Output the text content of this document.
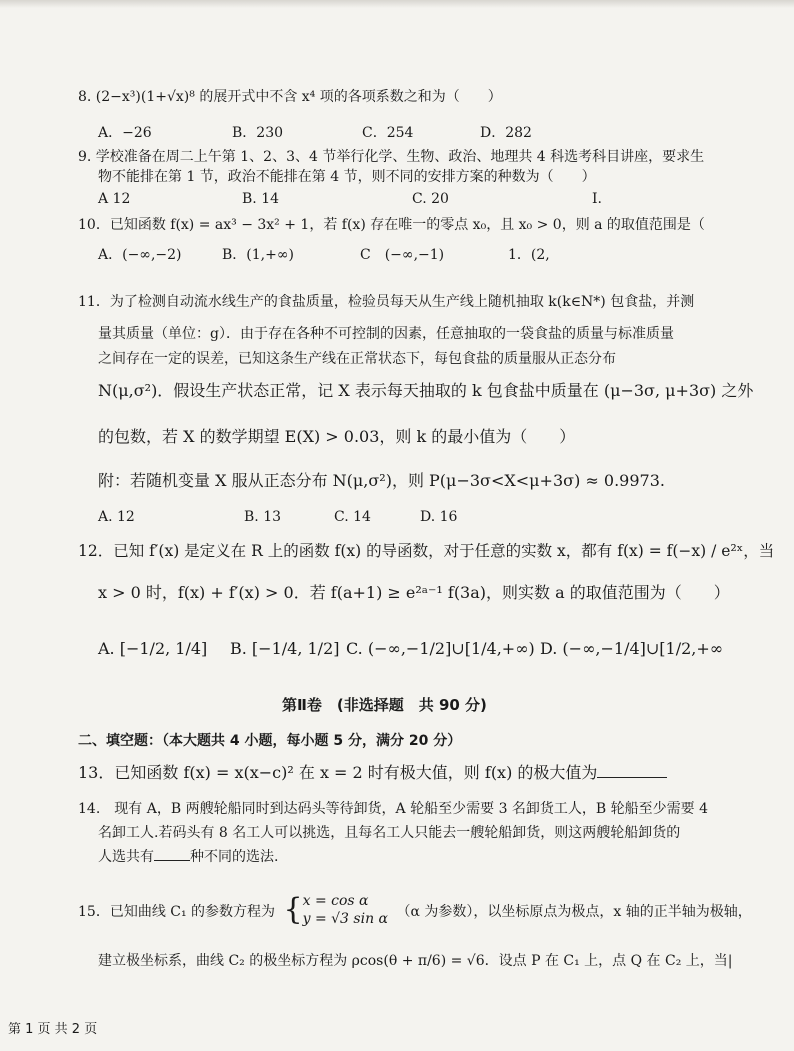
8. (2−x³)(1+√x)⁸ 的展开式中不含 x⁴ 项的各项系数之和为（　　）
A．−26	B．230	C．254	D．282
9. 学校准备在周二上午第 1、2、3、4 节举行化学、生物、政治、地理共 4 科选考科目讲座，要求生
物不能排在第 1 节，政治不能排在第 4 节，则不同的安排方案的种数为（　　）
A 12	B. 14	C. 20	I.
10．已知函数 f(x) = ax³ − 3x² + 1，若 f(x) 存在唯一的零点 x₀，且 x₀ > 0，则 a 的取值范围是（
A．(−∞,−2)	B．(1,+∞)	C　(−∞,−1)	1．(2,
11．为了检测自动流水线生产的食盐质量，检验员每天从生产线上随机抽取 k(k∈N*) 包食盐，并测
量其质量（单位：g）．由于存在各种不可控制的因素，任意抽取的一袋食盐的质量与标准质量
之间存在一定的误差，已知这条生产线在正常状态下，每包食盐的质量服从正态分布
N(μ,σ²)．假设生产状态正常，记 X 表示每天抽取的 k 包食盐中质量在 (μ−3σ, μ+3σ) 之外
的包数，若 X 的数学期望 E(X) > 0.03，则 k 的最小值为（　　）
附：若随机变量 X 服从正态分布 N(μ,σ²)，则 P(μ−3σ<X<μ+3σ) ≈ 0.9973.
A. 12	B. 13	C. 14	D. 16
12．已知 f′(x) 是定义在 R 上的函数 f(x) 的导函数，对于任意的实数 x，都有 f(x) = f(−x) / e²ˣ，当
x > 0 时，f(x) + f′(x) > 0．若 f(a+1) ≥ e²ᵃ⁻¹ f(3a)，则实数 a 的取值范围为（　　）
A. [−1/2, 1/4] B. [−1/4, 1/2] C. (−∞,−1/2]∪[1/4,+∞) D. (−∞,−1/4]∪[1/2,+∞
第Ⅱ卷　(非选择题　共 90 分)
二、填空题：（本大题共 4 小题，每小题 5 分，满分 20 分）
13．已知函数 f(x) = x(x−c)² 在 x = 2 时有极大值，则 f(x) 的极大值为
14.　现有 A，B 两艘轮船同时到达码头等待卸货，A 轮船至少需要 3 名卸货工人，B 轮船至少需要 4
名卸工人.若码头有 8 名工人可以挑选，且每名工人只能去一艘轮船卸货，则这两艘轮船卸货的
人选共有	种不同的选法.
15．已知曲线 C₁ 的参数方程为 { x = cos α
y = √3 sin α （α 为参数），以坐标原点为极点，x 轴的正半轴为极轴，
建立极坐标系，曲线 C₂ 的极坐标方程为 ρcos(θ + π/6) = √6．设点 P 在 C₁ 上，点 Q 在 C₂ 上，当|
第 1 页 共 2 页
